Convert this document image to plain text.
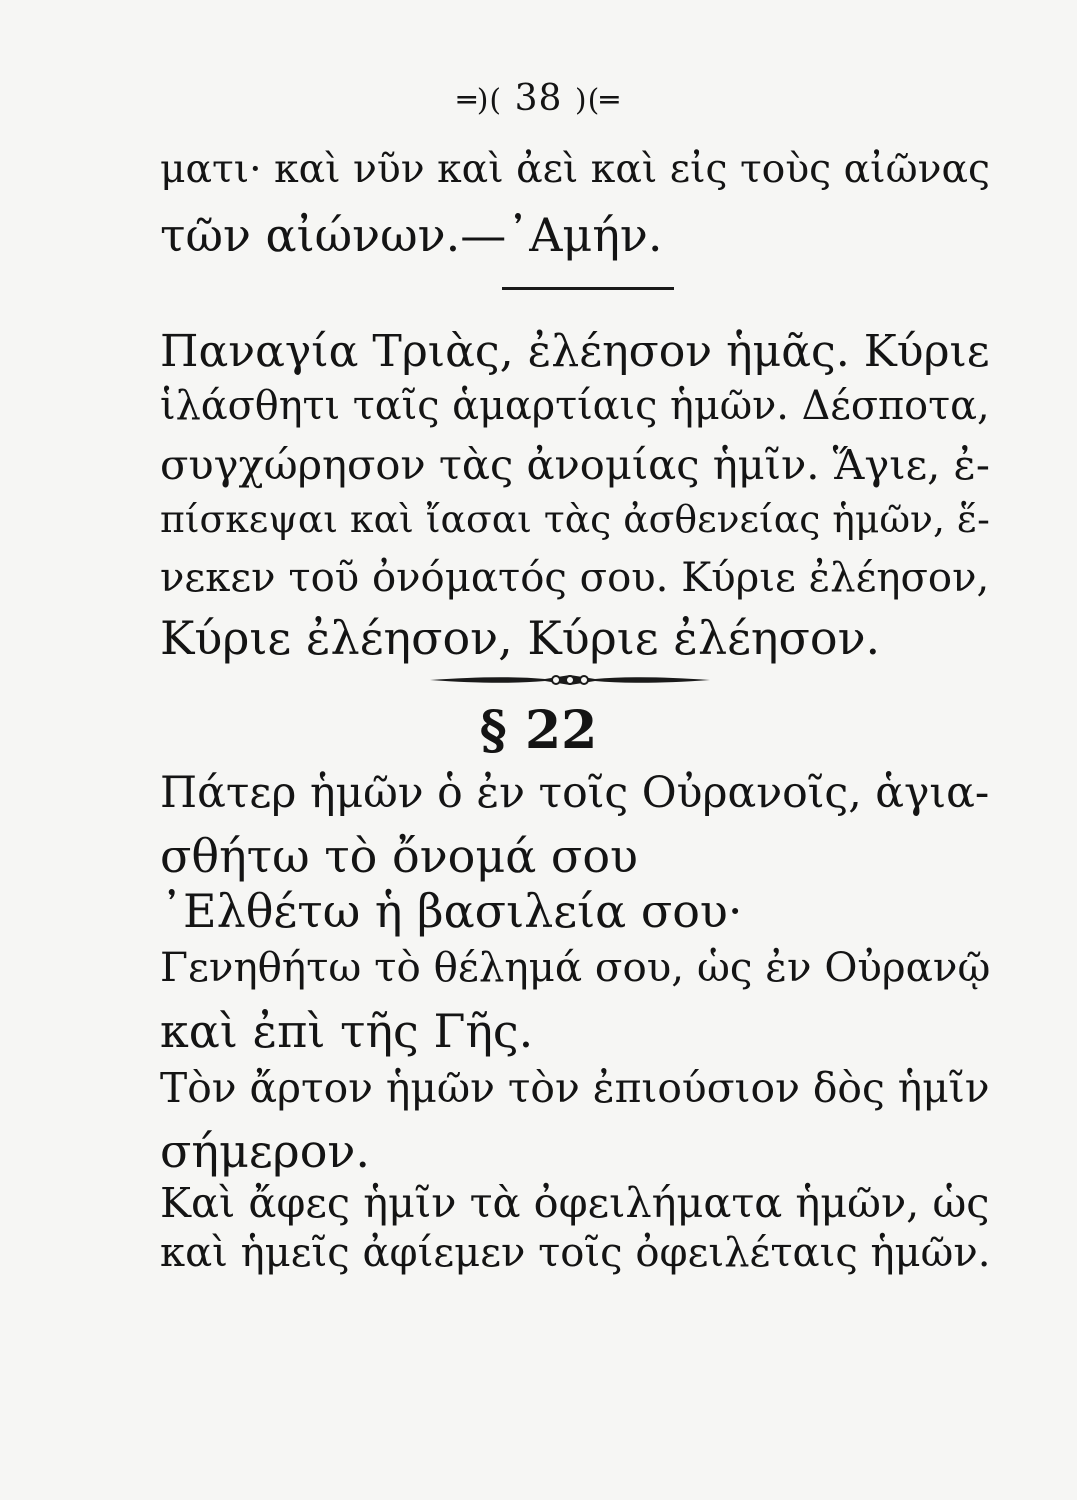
═)( 38 )(═
ματι· καὶ νῦν καὶ ἀεὶ καὶ εἰς τοὺς αἰῶνας
τῶν αἰώνων.—᾿Αμήν.
Παναγία Τριὰς, ἐλέησον ἡμᾶς. Κύριε
ἱλάσθητι ταῖς ἁμαρτίαις ἡμῶν. Δέσποτα,
συγχώρησον τὰς ἀνομίας ἡμῖν. Ἅγιε, ἐ-
πίσκεψαι καὶ ἴασαι τὰς ἀσθενείας ἡμῶν, ἕ-
νεκεν τοῦ ὀνόματός σου. Κύριε ἐλέησον,
Κύριε ἐλέησον, Κύριε ἐλέησον.
§ 22
Πάτερ ἡμῶν ὁ ἐν τοῖς Οὐρανοῖς, ἁγια-
σθήτω τὸ ὄνομά σου
᾿Ελθέτω ἡ βασιλεία σου·
Γενηθήτω τὸ θέλημά σου, ὡς ἐν Οὐρανῷ
καὶ ἐπὶ τῆς Γῆς.
Τὸν ἄρτον ἡμῶν τὸν ἐπιούσιον δὸς ἡμῖν
σήμερον.
Καὶ ἄφες ἡμῖν τὰ ὀφειλήματα ἡμῶν, ὡς
καὶ ἡμεῖς ἀφίεμεν τοῖς ὀφειλέταις ἡμῶν.
